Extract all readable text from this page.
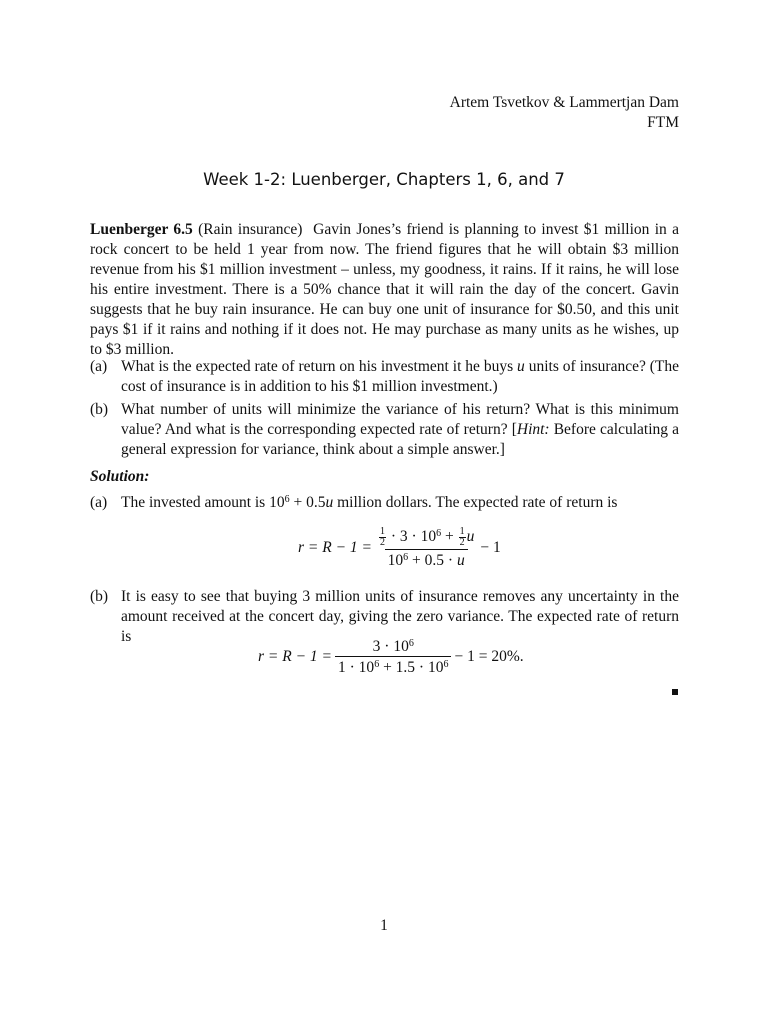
Artem Tsvetkov & Lammertjan Dam
FTM
Week 1-2: Luenberger, Chapters 1, 6, and 7
Luenberger 6.5 (Rain insurance) Gavin Jones’s friend is planning to invest $1 million in a rock concert to be held 1 year from now. The friend figures that he will obtain $3 million revenue from his $1 million investment – unless, my goodness, it rains. If it rains, he will lose his entire investment. There is a 50% chance that it will rain the day of the concert. Gavin suggests that he buy rain insurance. He can buy one unit of insurance for $0.50, and this unit pays $1 if it rains and nothing if it does not. He may purchase as many units as he wishes, up to $3 million.
(a) What is the expected rate of return on his investment it he buys u units of insurance? (The cost of insurance is in addition to his $1 million investment.)
(b) What number of units will minimize the variance of his return? What is this minimum value? And what is the corresponding expected rate of return? [Hint: Before calculating a general expression for variance, think about a simple answer.]
Solution:
(a) The invested amount is $10^6 + 0.5u$ million dollars. The expected rate of return is
$r = R - 1 = \frac{\frac{1}{2} \cdot 3 \cdot 10^6 + \frac{1}{2} u}{10^6 + 0.5 \cdot u} - 1$
(b) It is easy to see that buying 3 million units of insurance removes any uncertainty in the amount received at the concert day, giving the zero variance. The expected rate of return is
$r = R - 1 = \frac{3 \cdot 10^6}{1 \cdot 10^6 + 1.5 \cdot 10^6} - 1 = 20\%$.
1
